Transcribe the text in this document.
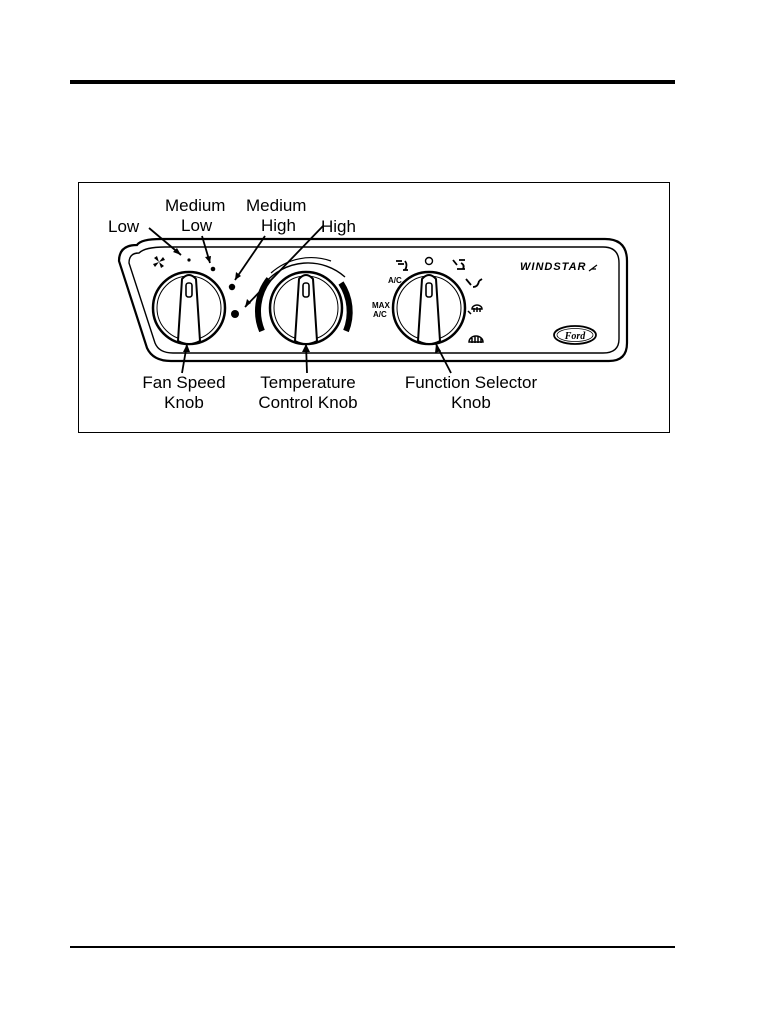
A/C
MAX
A/C
WINDSTAR
Ford
Low
Medium
Low
Medium
High High
Fan Speed
Knob
Temperature
Control Knob
Function Selector
Knob
